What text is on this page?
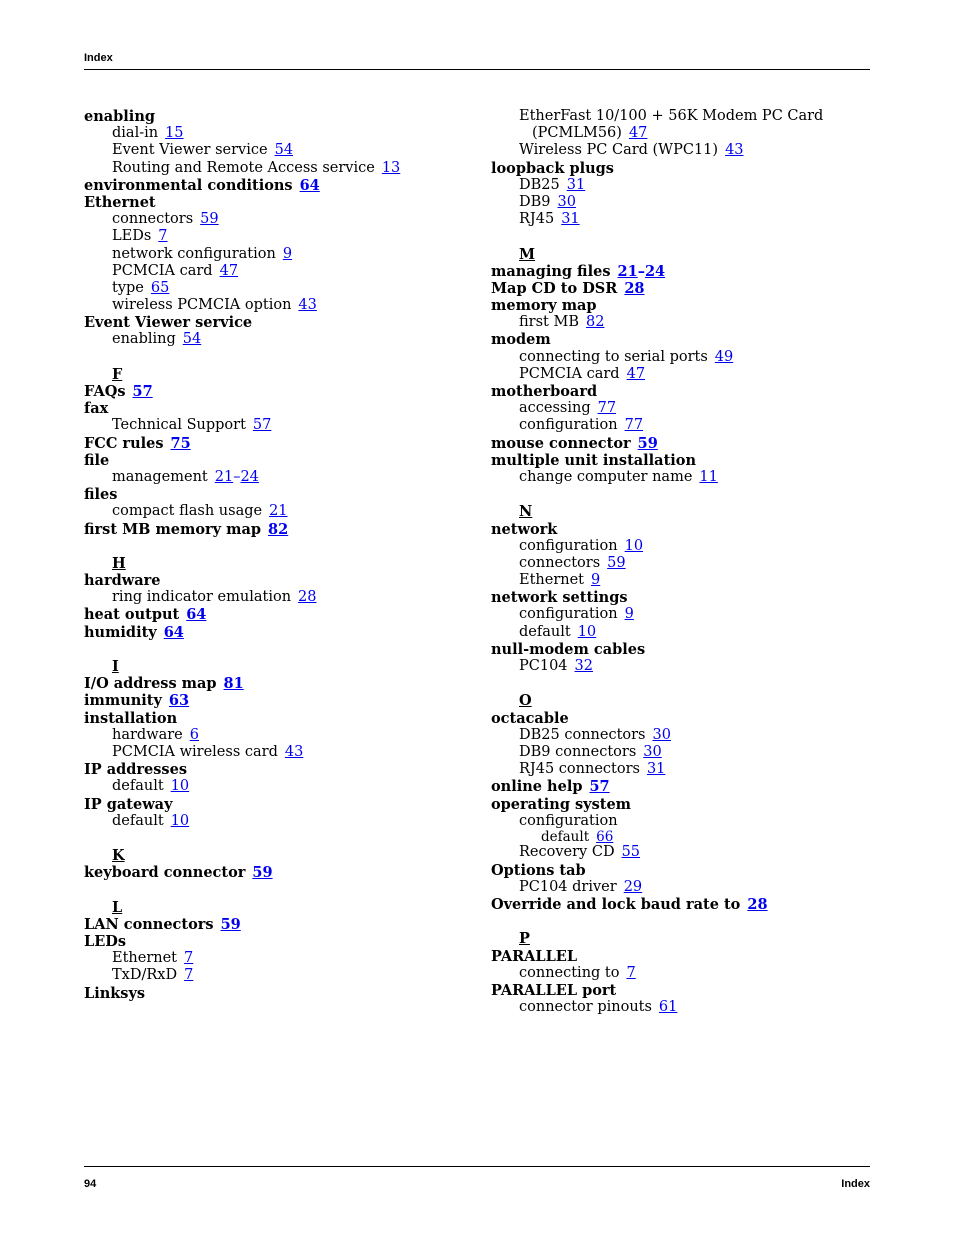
Index
enabling
dial-in 15
Event Viewer service 54
Routing and Remote Access service 13
environmental conditions 64
Ethernet
connectors 59
LEDs 7
network configuration 9
PCMCIA card 47
type 65
wireless PCMCIA option 43
Event Viewer service
enabling 54
F
FAQs 57
fax
Technical Support 57
FCC rules 75
file
management 21–24
files
compact flash usage 21
first MB memory map 82
H
hardware
ring indicator emulation 28
heat output 64
humidity 64
I
I/O address map 81
immunity 63
installation
hardware 6
PCMCIA wireless card 43
IP addresses
default 10
IP gateway
default 10
K
keyboard connector 59
L
LAN connectors 59
LEDs
Ethernet 7
TxD/RxD 7
Linksys
EtherFast 10/100 + 56K Modem PC Card
(PCMLM56) 47
Wireless PC Card (WPC11) 43
loopback plugs
DB25 31
DB9 30
RJ45 31
M
managing files 21–24
Map CD to DSR 28
memory map
first MB 82
modem
connecting to serial ports 49
PCMCIA card 47
motherboard
accessing 77
configuration 77
mouse connector 59
multiple unit installation
change computer name 11
N
network
configuration 10
connectors 59
Ethernet 9
network settings
configuration 9
default 10
null-modem cables
PC104 32
O
octacable
DB25 connectors 30
DB9 connectors 30
RJ45 connectors 31
online help 57
operating system
configuration
default 66
Recovery CD 55
Options tab
PC104 driver 29
Override and lock baud rate to 28
P
PARALLEL
connecting to 7
PARALLEL port
connector pinouts 61
94	Index
